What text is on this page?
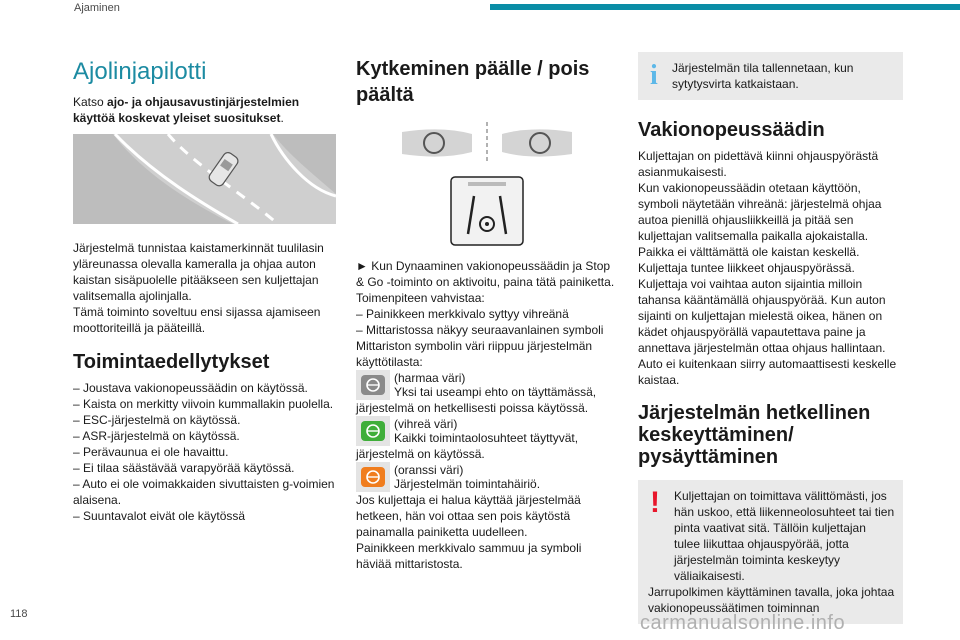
Ajaminen
Ajolinjapilotti

Katso ajo- ja ohjausavustinjärjestelmien käyttöä koskevat yleiset suositukset.

Järjestelmä tunnistaa kaistamerkinnät tuulilasin yläreunassa olevalla kameralla ja ohjaa auton kaistan sisäpuolelle pitääkseen sen kuljettajan valitsemalla ajolinjalla.

Tämä toiminto soveltuu ensi sijassa ajamiseen moottoriteillä ja pääteillä.

Toimintaedellytykset

– Joustava vakionopeussäädin on käytössä.

– Kaista on merkitty viivoin kummallakin puolella.

– ESC-järjestelmä on käytössä.

– ASR-järjestelmä on käytössä.

– Perävaunua ei ole havaittu.

– Ei tilaa säästävää varapyörää käytössä.

– Auto ei ole voimakkaiden sivuttaisten g-voimien alaisena.

– Suuntavalot eivät ole käytössä

Kytkeminen päälle / pois päältä

► Kun Dynaaminen vakionopeussäädin ja Stop & Go -toiminto on aktivoitu, paina tätä painiketta.

Toimenpiteen vahvistaa:

– Painikkeen merkkivalo syttyy vihreänä

– Mittaristossa näkyy seuraavanlainen symboli

Mittariston symbolin väri riippuu järjestelmän käyttötilasta:

(harmaa väri)

Yksi tai useampi ehto on täyttämässä, järjestelmä on hetkellisesti poissa käytössä.

(vihreä väri)

Kaikki toimintaolosuhteet täyttyvät, järjestelmä on käytössä.

(oranssi väri)

Järjestelmän toimintahäiriö.

Jos kuljettaja ei halua käyttää järjestelmää hetkeen, hän voi ottaa sen pois käytöstä painamalla painiketta uudelleen.

Painikkeen merkkivalo sammuu ja symboli häviää mittaristosta.

i Järjestelmän tila tallennetaan, kun sytytysvirta katkaistaan.

Vakionopeussäädin

Kuljettajan on pidettävä kiinni ohjauspyörästä asianmukaisesti.

Kun vakionopeussäädin otetaan käyttöön, symboli näytetään vihreänä: järjestelmä ohjaa autoa pienillä ohjausliikkeillä ja pitää sen kuljettajan valitsemalla paikalla ajokaistalla.

Paikka ei välttämättä ole kaistan keskellä.

Kuljettaja tuntee liikkeet ohjauspyörässä.

Kuljettaja voi vaihtaa auton sijaintia milloin tahansa kääntämällä ohjauspyörää. Kun auton sijainti on kuljettajan mielestä oikea, hänen on kädet ohjauspyörällä vapautettava paine ja annettava järjestelmän ottaa ohjaus hallintaan.

Auto ei kuitenkaan siirry automaattisesti keskelle kaistaa.

Järjestelmän hetkellinen keskeyttäminen/ pysäyttäminen
!	Kuljettajan on toimittava välittömästi, jos hän uskoo, että liikenneolosuhteet tai tien pinta vaativat sitä. Tällöin kuljettajan tulee liikuttaa ohjauspyörää, jotta järjestelmän toiminta keskeytyy väliaikaisesti.

Jarrupolkimen käyttäminen tavalla, joka johtaa vakionopeussäätimen toiminnan

118	carmanualsonline.info
